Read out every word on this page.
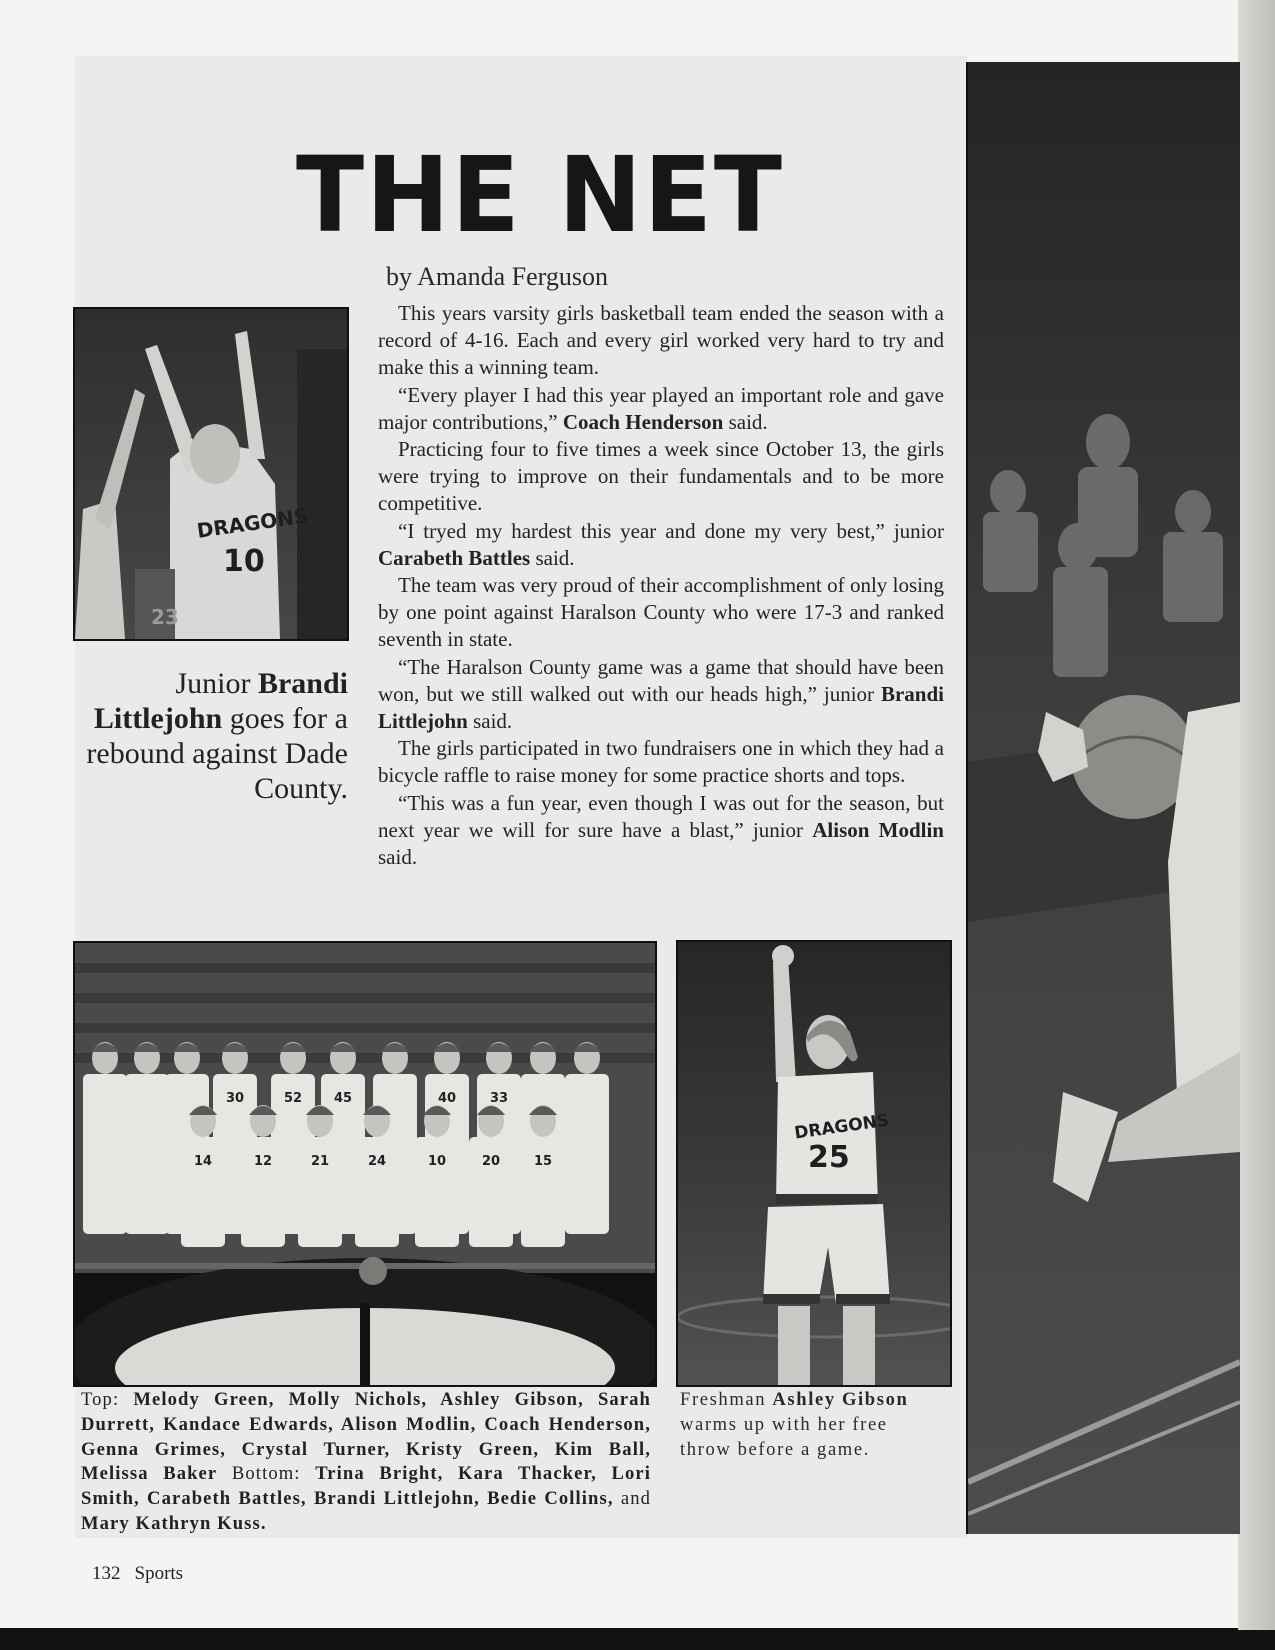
THE NET
by Amanda Ferguson
DRAGONS
10
23
Junior Brandi Littlejohn goes for a rebound against Dade County.

This years varsity girls basketball team ended the season with a record of 4-16. Each and every girl worked very hard to try and make this a winning team.

“Every player I had this year played an important role and gave major contributions,” Coach Henderson said.

Practicing four to five times a week since October 13, the girls were trying to improve on their fundamentals and to be more competitive.

“I tryed my hardest this year and done my very best,” junior Carabeth Battles said.

The team was very proud of their accomplishment of only losing by one point against Haralson County who were 17-3 and ranked seventh in state.

“The Haralson County game was a game that should have been won, but we still walked out with our heads high,” junior Brandi Littlejohn said.

The girls participated in two fundraisers one in which they had a bicycle raffle to raise money for some practice shorts and tops.

“This was a fun year, even though I was out for the season, but next year we will for sure have a blast,” junior Alison Modlin said.

30	52 45	40	33
14	12	21	24	10	20	15
DRAGONS
25
Top: Melody Green, Molly Nichols, Ashley Gibson, Sarah Durrett, Kandace Edwards, Alison Modlin, Coach Henderson, Genna Grimes, Crystal Turner, Kristy Green, Kim Ball, Melissa Baker Bottom: Trina Bright, Kara Thacker, Lori Smith, Carabeth Battles, Brandi Littlejohn, Bedie Collins, and Mary Kathryn Kuss.
Freshman Ashley Gibson warms up with her free throw before a game.
132 Sports
